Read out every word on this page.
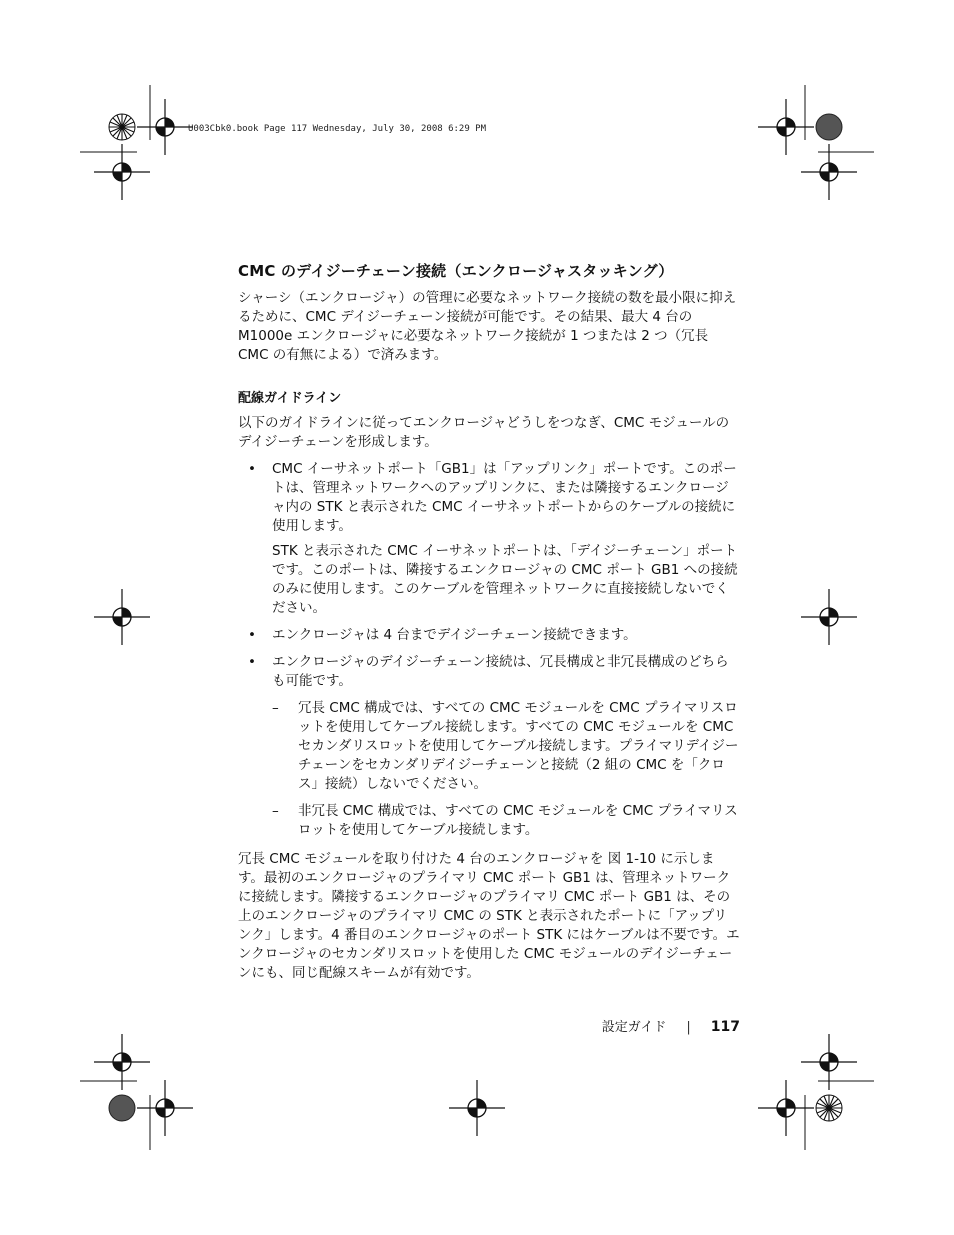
U003Cbk0.book Page 117 Wednesday, July 30, 2008 6:29 PM
CMC のデイジーチェーン接続（エンクロージャスタッキング）

シャーシ（エンクロージャ）の管理に必要なネットワーク接続の数を最小限に抑えるために、CMC デイジーチェーン接続が可能です。その結果、最大 4 台の M1000e エンクロージャに必要なネットワーク接続が 1 つまたは 2 つ（冗長 CMC の有無による）で済みます。

配線ガイドライン

以下のガイドラインに従ってエンクロージャどうしをつなぎ、CMC モジュールのデイジーチェーンを形成します。

• CMC イーサネットポート「GB1」は「アップリンク」ポートです。このポートは、管理ネットワークへのアップリンクに、または隣接するエンクロージャ内の STK と表示された CMC イーサネットポートからのケーブルの接続に使用します。

STK と表示された CMC イーサネットポートは、「デイジーチェーン」ポートです。このポートは、隣接するエンクロージャの CMC ポート GB1 への接続のみに使用します。このケーブルを管理ネットワークに直接接続しないでください。

• エンクロージャは 4 台までデイジーチェーン接続できます。

• エンクロージャのデイジーチェーン接続は、冗長構成と非冗長構成のどちらも可能です。

– 冗長 CMC 構成では、すべての CMC モジュールを CMC プライマリスロットを使用してケーブル接続します。すべての CMC モジュールを CMC セカンダリスロットを使用してケーブル接続します。プライマリデイジーチェーンをセカンダリデイジーチェーンと接続（2 組の CMC を「クロス」接続）しないでください。

– 非冗長 CMC 構成では、すべての CMC モジュールを CMC プライマリスロットを使用してケーブル接続します。

冗長 CMC モジュールを取り付けた 4 台のエンクロージャを 図 1-10 に示します。最初のエンクロージャのプライマリ CMC ポート GB1 は、管理ネットワークに接続します。隣接するエンクロージャのプライマリ CMC ポート GB1 は、その上のエンクロージャのプライマリ CMC の STK と表示されたポートに「アップリンク」します。4 番目のエンクロージャのポート STK にはケーブルは不要です。エンクロージャのセカンダリスロットを使用した CMC モジュールのデイジーチェーンにも、同じ配線スキームが有効です。

設定ガイド | 117
